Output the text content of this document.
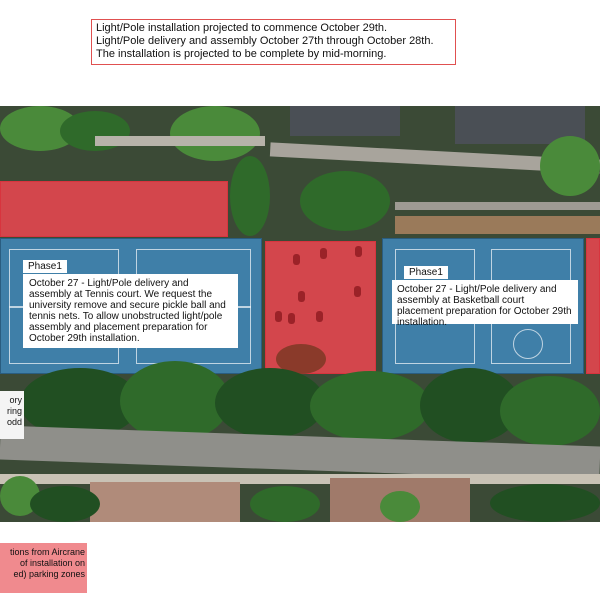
Light/Pole installation projected to commence October 29th.
Light/Pole delivery and assembly October 27th through October 28th.
The installation is projected to be complete by mid-morning.
Phase1
October 27 - Light/Pole delivery and assembly at Tennis court. We request the university remove and secure pickle ball and tennis nets. To allow unobstructed light/pole assembly and placement preparation for October 29th installation.
Phase1
October 27 - Light/Pole delivery and assembly at Basketball court placement preparation for October 29th installation.
ory
ring
odd
tions from Aircrane
of installation on
ed) parking zones
